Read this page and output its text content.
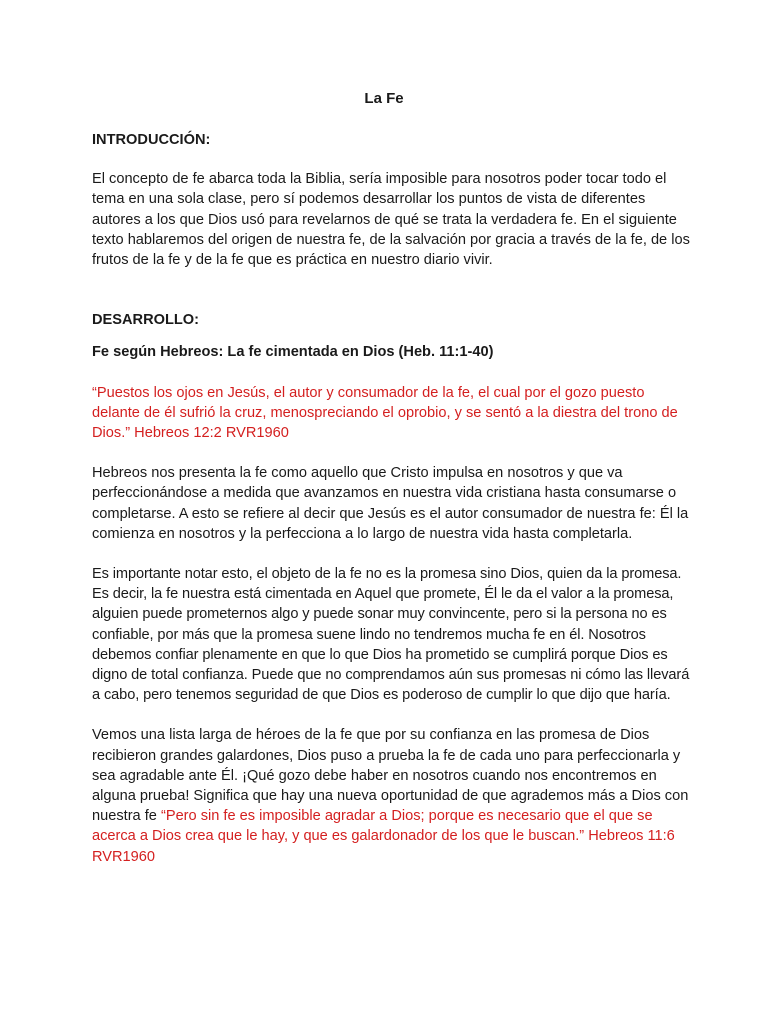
La Fe

INTRODUCCIÓN:

El concepto de fe abarca toda la Biblia, sería imposible para nosotros poder tocar todo el tema en una sola clase, pero sí podemos desarrollar los puntos de vista de diferentes autores a los que Dios usó para revelarnos de qué se trata la verdadera fe. En el siguiente texto hablaremos del origen de nuestra fe, de la salvación por gracia a través de la fe, de los frutos de la fe y de la fe que es práctica en nuestro diario vivir.

DESARROLLO:

Fe según Hebreos: La fe cimentada en Dios (Heb. 11:1-40)

“Puestos los ojos en Jesús, el autor y consumador de la fe, el cual por el gozo puesto delante de él sufrió la cruz, menospreciando el oprobio, y se sentó a la diestra del trono de Dios.” Hebreos 12:2 RVR1960

Hebreos nos presenta la fe como aquello que Cristo impulsa en nosotros y que va perfeccionándose a medida que avanzamos en nuestra vida cristiana hasta consumarse o completarse. A esto se refiere al decir que Jesús es el autor consumador de nuestra fe: Él la comienza en nosotros y la perfecciona a lo largo de nuestra vida hasta completarla.

Es importante notar esto, el objeto de la fe no es la promesa sino Dios, quien da la promesa. Es decir, la fe nuestra está cimentada en Aquel que promete, Él le da el valor a la promesa, alguien puede prometernos algo y puede sonar muy convincente, pero si la persona no es confiable, por más que la promesa suene lindo no tendremos mucha fe en él. Nosotros debemos confiar plenamente en que lo que Dios ha prometido se cumplirá porque Dios es digno de total confianza. Puede que no comprendamos aún sus promesas ni cómo las llevará a cabo, pero tenemos seguridad de que Dios es poderoso de cumplir lo que dijo que haría.

Vemos una lista larga de héroes de la fe que por su confianza en las promesa de Dios recibieron grandes galardones, Dios puso a prueba la fe de cada uno para perfeccionarla y sea agradable ante Él. ¡Qué gozo debe haber en nosotros cuando nos encontremos en alguna prueba! Significa que hay una nueva oportunidad de que agrademos más a Dios con nuestra fe “Pero sin fe es imposible agradar a Dios; porque es necesario que el que se acerca a Dios crea que le hay, y que es galardonador de los que le buscan.” Hebreos 11:6 RVR1960
